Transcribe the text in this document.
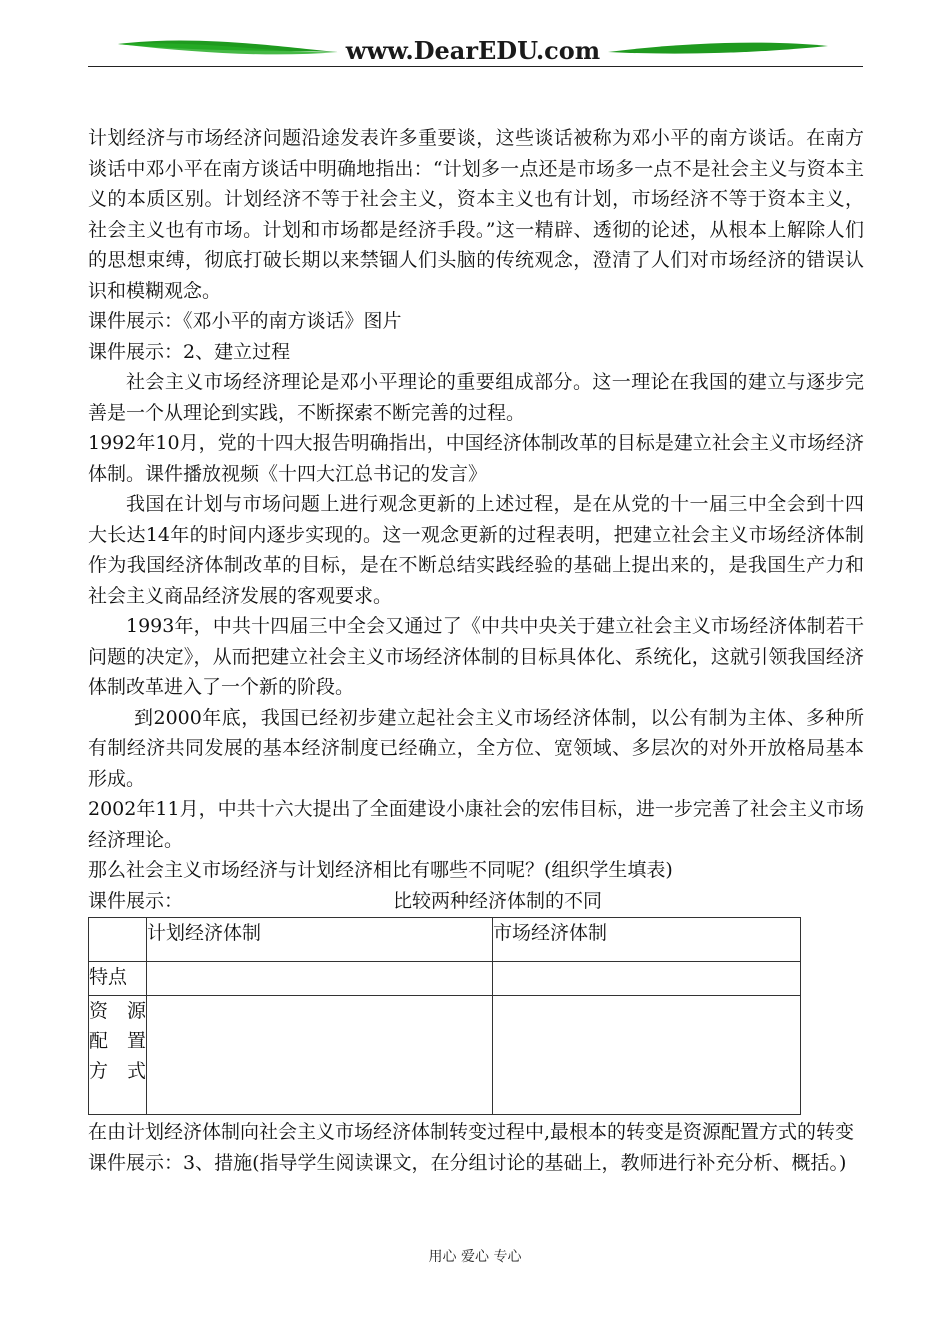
www.DearEDU.com

计划经济与市场经济问题沿途发表许多重要谈，这些谈话被称为邓小平的南方谈话。在南方谈话中邓小平在南方谈话中明确地指出：“计划多一点还是市场多一点不是社会主义与资本主义的本质区别。计划经济不等于社会主义，资本主义也有计划，市场经济不等于资本主义，社会主义也有市场。计划和市场都是经济手段。”这一精辟、透彻的论述，从根本上解除人们的思想束缚，彻底打破长期以来禁锢人们头脑的传统观念，澄清了人们对市场经济的错误认识和模糊观念。

课件展示：《邓小平的南方谈话》图片

课件展示：2、建立过程

社会主义市场经济理论是邓小平理论的重要组成部分。这一理论在我国的建立与逐步完善是一个从理论到实践，不断探索不断完善的过程。

1992年10月，党的十四大报告明确指出，中国经济体制改革的目标是建立社会主义市场经济体制。课件播放视频《十四大江总书记的发言》

我国在计划与市场问题上进行观念更新的上述过程，是在从党的十一届三中全会到十四大长达14年的时间内逐步实现的。这一观念更新的过程表明，把建立社会主义市场经济体制作为我国经济体制改革的目标，是在不断总结实践经验的基础上提出来的，是我国生产力和社会主义商品经济发展的客观要求。

1993年，中共十四届三中全会又通过了《中共中央关于建立社会主义市场经济体制若干问题的决定》，从而把建立社会主义市场经济体制的目标具体化、系统化，这就引领我国经济体制改革进入了一个新的阶段。

到2000年底，我国已经初步建立起社会主义市场经济体制，以公有制为主体、多种所有制经济共同发展的基本经济制度已经确立，全方位、宽领域、多层次的对外开放格局基本形成。

2002年11月，中共十六大提出了全面建设小康社会的宏伟目标，进一步完善了社会主义市场经济理论。

那么社会主义市场经济与计划经济相比有哪些不同呢？(组织学生填表)

课件展示：	比较两种经济体制的不同
	计划经济体制	市场经济体制
特点		

资 源 配 置 方 式		

在由计划经济体制向社会主义市场经济体制转变过程中,最根本的转变是资源配置方式的转变

课件展示：3、措施(指导学生阅读课文，在分组讨论的基础上，教师进行补充分析、概括。)

用心 爱心 专心
